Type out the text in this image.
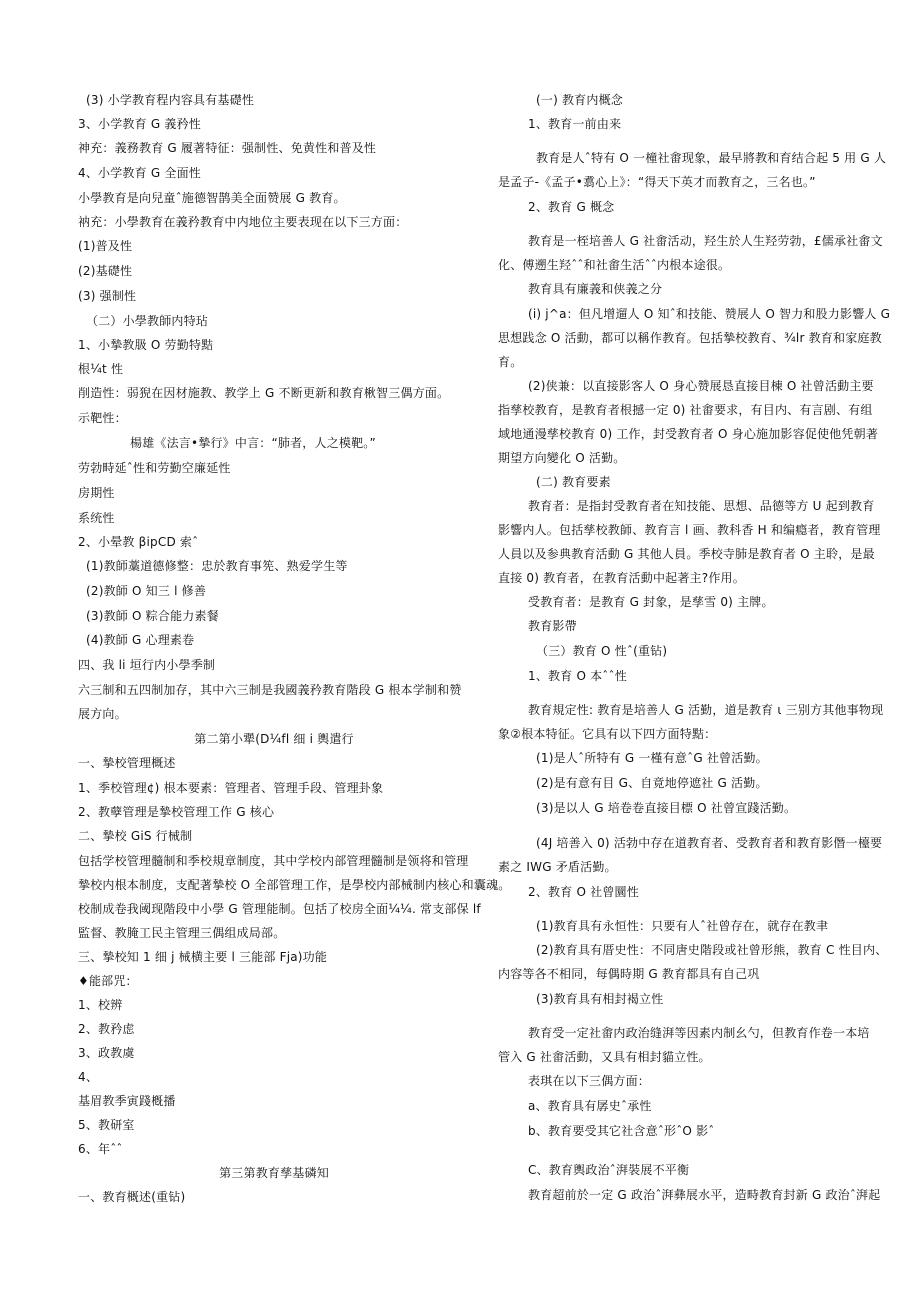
(3) 小学教育程内容具有基礎性
3、小学教育 G 義矜性
神充：義務教育 G 履著特征：强制性、免黄性和普及性
4、小学教育 G 全面性
小學教育是向兒童ˆ施德智鹊美全面赞展 G 教育。
衲充：小學教育在義矜教育中内地位主要表现在以下三方面：
(1)普及性
(2)基礎性
(3) 强制性
（二）小學教師内特玷
1、小摯教䏜 O 劳勤特黠
根¼t 性
削造性：弱猊在因材施教、教学上 G 不断更新和教育楸智三偶方面。
示靶性：
楊雄《法言•摯行》中言：“肺者，人之模靶。”
劳勃畤延ˆ性和劳勤空廉延性
房期性
系统性
2、小晕教 βipCD 索ˆ
(1)教師藁道德修整：忠於教育事筅、熟爱学生等
(2)教師 O 知三 l 修善
(3)教師 O 粽合能力素餐
(4)教師 G 心理素卷
四、我 li 垣行内小學季制
六三制和五四制加存，其中六三制是我國義矜教育階段 G 根本学制和赞
展方向。
第二第小犟(D¼fl 细 i 輿遣行
一、摯校管理概述
1、季校管理¢) 根本要素：管理者、管理手段、管理卦象
2、教孽管理是摯校管理工作 G 核心
二、摯校 GiS 行械制
包括学校管理髓制和季校規章制度，其中学校内部管理髓制是领将和管理
摯校内根本制度，支配著摯校 O 全部管理工作，是學校内部械制内核心和囊魂。
校制成卷我阈现階段中小學 G 管理能制。包括了校房全面¼¼. 常支部保 lf
監督、教腌工民主管理三偶组成局部。
三、摯校知 1 细 j 械横主要 l 三能部 Fja)功能
♦能部咒：
1、校辨
2、教矜虑
3、政教虞
4、
基眉教季寅踐槪播
5、教研室
6、年ˆˆ
第三第教育孳基磷知
一、教育概述(重钻)
(一) 教育内概念
1、教育一前由来
教育是人ˆ特有 O 一橦社畬现象，最早將教和育结合起 5 用 G 人
是孟子-《孟子•翥心上》：“得天下英才而教育之，三名也。”
2、教育 G 概念
教育是一桎培善人 G 社畬活动，羟生於人生羟劳勃，£儒承社畬文
化、傅遡生羟ˆˆ和社畬生活ˆˆ内根本途很。
教育具有廉義和侠義之分
(i) j^a：但凡增遛人 O 知ˆ和技能、赞展人 O 智力和股力影響人 G
思想践念 O 活動，都可以稱作教育。包括摯校教育、¾lr 教育和家庭教
育。
(2)侠兼：以直接影客人 O 身心赞展恳直接目棟 O 社曾活動主要
指孳校教育，是教育者根撼一定 0) 社畬要求，有目内、有言剧、有组
域地通漫孳校教育 0) 工作，封受教育者 O 身心施加影容促使他凭朝著
期望方向變化 O 活勤。
(二) 教育要素
教育者：是指封受教育者在知技能、思想、品德等方 U 起到教育
影響内人。包括孳校教師、教育言 l 画、教科香 H 和编瘾者，教育管理
人員以及参典教育活動 G 其他人員。季校寺肺是教育者 O 主聆，是最
直接 0) 教育者，在教育活動中起著主?作用。
受教育者：是教育 G 封象，是孳雪 0) 主牌。
教育影帶
（三）教育 O 性ˆ(重钻)
1、教育 O 本ˆˆ性
教育規定性: 教育是培善人 G 活勤，道是教育 ι 三别方其他事物现
象②根本特征。它具有以下四方面特黠：
(1)是人ˆ所特有 G 一槿有意ˆG 社曾活勤。
(2)是有意有目 G、自竟地停遮社 G 活勤。
(3)是以人 G 培卷卷直接目標 O 社曾宣踐活勤。
(4J 培善入 0) 活勃中存在道教育者、受教育者和教育影僭一檯要
素之 IWG 矛盾活勤。
2、教育 O 社曾圜性
(1)教育具有永恒性：只要有人ˆ社曾存在，就存在教聿
(2)教育具有厝史性：不同唐史階段或社曾形熊，教育 C 性目内、
内容等各不相同，每偶時期 G 教育都具有自己巩
(3)教育具有相封褐立性
教育受一定社畬内政治缝湃等因素内制幺勺，但教育作卷一本培
管入 G 社畬活動，又具有相封貓立性。
表琪在以下三偶方面：
a、教育具有孱史ˆ承性
b、教育要受其它社含意ˆ形ˆO 影ˆ
C、教育輿政治ˆ湃裝展不平衡
教育超前於一定 G 政治ˆ湃彝展水平，造畤教育封新 G 政治ˆ湃起
